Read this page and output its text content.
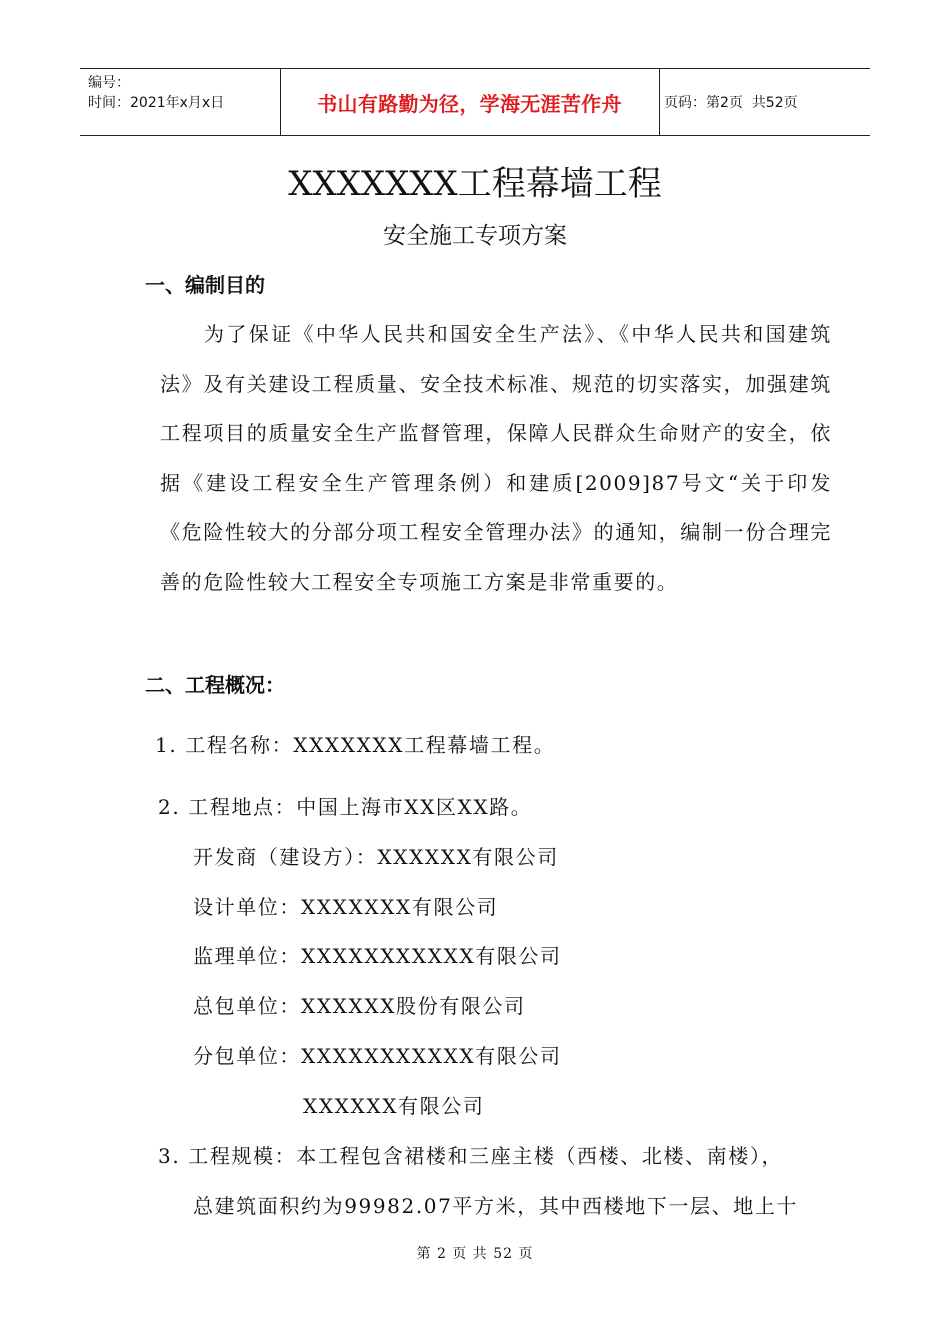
编号：
时间：2021年x月x日	书山有路勤为径，学海无涯苦作舟	页码：第2页  共52页
XXXXXXX工程幕墙工程
安全施工专项方案
一、编制目的

为了保证《中华人民共和国安全生产法》、《中华人民共和国建筑法》及有关建设工程质量、安全技术标准、规范的切实落实，加强建筑工程项目的质量安全生产监督管理，保障人民群众生命财产的安全，依据《建设工程安全生产管理条例）和建质[2009]87号文“关于印发《危险性较大的分部分项工程安全管理办法》的通知，编制一份合理完善的危险性较大工程安全专项施工方案是非常重要的。

二、工程概况：
1. 工程名称：XXXXXXX工程幕墙工程。
2. 工程地点：中国上海市XX区XX路。
开发商（建设方）：XXXXXX有限公司
设计单位：XXXXXXX有限公司
监理单位：XXXXXXXXXXX有限公司
总包单位：XXXXXX股份有限公司
分包单位：XXXXXXXXXXX有限公司
XXXXXX有限公司
3. 工程规模：本工程包含裙楼和三座主楼（西楼、北楼、南楼），
总建筑面积约为99982.07平方米，其中西楼地下一层、地上十
第 2 页 共 52 页
